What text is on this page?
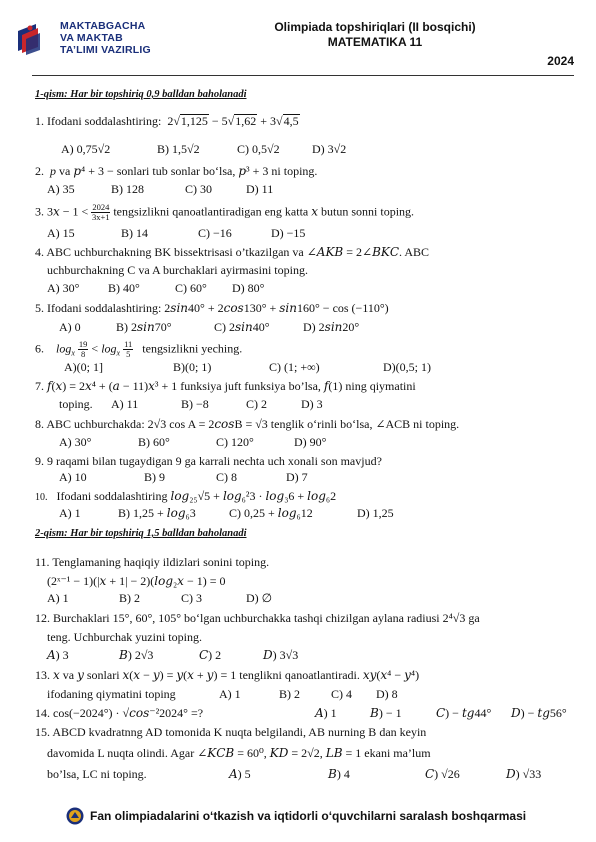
MAKTABGACHA
VA MAKTAB
TA’LIMI VAZIRLIG
Olimpiada topshiriqlari (II bosqichi)
MATEMATIKA 11
2024
1-qism: Har bir topshiriq 0,9 balldan baholanadi
1. Ifodani soddalashtiring:  2√1,125 − 5√1,62 + 3√4,5
A) 0,75√2	B) 1,5√2	C) 0,5√2	D) 3√2
2.  p va 𝑝⁴ + 3 − sonlari tub sonlar bo‘lsa, 𝑝³ + 3 ni toping.
A) 35	B) 128	C) 30	D) 11
3. 3𝑥 − $1 < \frac{2024}{3x+1}$ tengsizlikni qanoatlantiradigan eng katta 𝑥 butun sonni toping.
A) 15	B) 14	C) −16	D) −15
4. ABC uchburchakning BK bissektrisasi o’tkazilgan va ∠𝐴𝐾𝐵 = 2∠𝐵𝐾𝐶. ABC
uchburchakning C va A burchaklari ayirmasini toping.
A) 30° B) 40°	C) 60° D) 80°
5. Ifodani soddalashtiring: 2𝑠𝑖𝑛40° + 2𝑐𝑜𝑠130° + 𝑠𝑖𝑛160° − cos (−110°)
A) 0	B) 2𝑠𝑖𝑛70°	C) 2𝑠𝑖𝑛40°	D) 2𝑠𝑖𝑛20°
6. $\log_x \frac{19}{8} < \log_x \frac{11}{5}$ tengsizlikni yeching.
A)(0; 1]	B)(0; 1)	C) (1; +∞)	D)(0,5; 1)
7. 𝑓(𝑥) = 2𝑥⁴ + (𝑎 − 11)𝑥³ + 1 funksiya juft funksiya bo’lsa, 𝑓(1) ning qiymatini
toping. A) 11	B) −8	C) 2	D) 3
8. ABC uchburchakda: 2√3 cos A = 2𝑐𝑜𝑠B = √3 tenglik o‘rinli bo‘lsa, ∠ACB ni toping.
A) 30°	B) 60°	C) 120°	D) 90°
9. 9 raqami bilan tugaydigan 9 ga karrali nechta uch xonali son mavjud?
A) 10	B) 9	C) 8	D) 7
10. Ifodani soddalashtiring 𝑙𝑜𝑔₂₅√5 + 𝑙𝑜𝑔₆²3 · 𝑙𝑜𝑔₃6 + 𝑙𝑜𝑔₆2
A) 1	B) 1,25 + 𝑙𝑜𝑔₆3	C) 0,25 + 𝑙𝑜𝑔₆12	D) 1,25
2-qism: Har bir topshiriq 1,5 balldan baholanadi
11. Tenglamaning haqiqiy ildizlari sonini toping.
(2ˣ⁻¹ − 1)(|𝑥 + 1| − 2)(𝑙𝑜𝑔₂𝑥 − 1) = 0
A) 1	B) 2	C) 3	D) ∅
12. Burchaklari 15°, 60°, 105° bo‘lgan uchburchakka tashqi chizilgan aylana radiusi 2⁴√3 ga
teng. Uchburchak yuzini toping.
𝐴) 3	𝐵) 2√3	𝐶) 2	𝐷) 3√3
13. 𝑥 va 𝑦 sonlari 𝑥(𝑥 − 𝑦) = 𝑦(𝑥 + 𝑦) = 1 tenglikni qanoatlantiradi. 𝑥𝑦(𝑥⁴ − 𝑦⁴)
ifodaning qiymatini toping	A) 1	B) 2	C) 4 D) 8
14. cos(−2024°) · √𝑐𝑜𝑠⁻²2024° =?	𝐴) 1	𝐵) − 1	𝐶) − 𝑡𝑔44° 𝐷) − 𝑡𝑔56°
15. ABCD kvadratnng AD tomonida K nuqta belgilandi, AB nurning B dan keyin
davomida L nuqta olindi. Agar ∠𝐾𝐶𝐵 = 60⁰, 𝐾𝐷 = 2√2, 𝐿𝐵 = 1 ekani ma’lum
bo’lsa, LC ni toping.	𝐴) 5	𝐵) 4	𝐶) √26	𝐷) √33
Fan olimpiadalarini o‘tkazish va iqtidorli o‘quvchilarni saralash boshqarmasi
